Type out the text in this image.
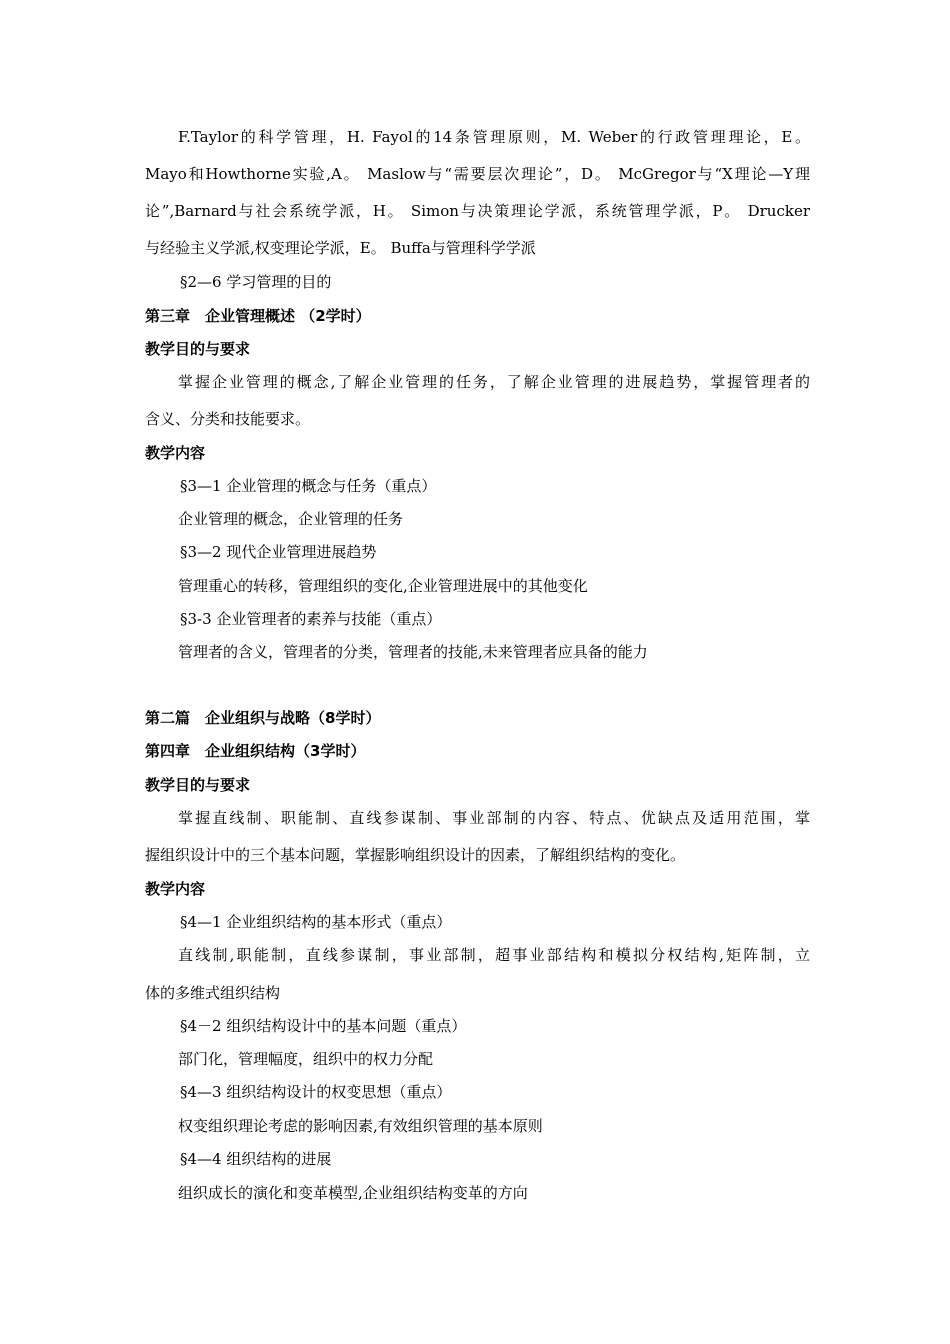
F.Taylor的科学管理，H. Fayol的14条管理原则，M. Weber的行政管理理论，E。
Mayo和Howthorne实验,A。 Maslow与“需要层次理论”，D。 McGregor与“X理论—Y理
论”,Barnard与社会系统学派，H。 Simon与决策理论学派，系统管理学派，P。 Drucker
与经验主义学派,权变理论学派，E。 Buffa与管理科学学派
§2—6 学习管理的目的
第三章　企业管理概述 （2学时）
教学目的与要求
掌握企业管理的概念,了解企业管理的任务，了解企业管理的进展趋势，掌握管理者的
含义、分类和技能要求。
教学内容
§3—1 企业管理的概念与任务（重点）
企业管理的概念，企业管理的任务
§3—2 现代企业管理进展趋势
管理重心的转移，管理组织的变化,企业管理进展中的其他变化
§3-3 企业管理者的素养与技能（重点）
管理者的含义，管理者的分类，管理者的技能,未来管理者应具备的能力
第二篇　企业组织与战略（8学时）
第四章　企业组织结构（3学时）
教学目的与要求
掌握直线制、职能制、直线参谋制、事业部制的内容、特点、优缺点及适用范围，掌
握组织设计中的三个基本问题，掌握影响组织设计的因素，了解组织结构的变化。
教学内容
§4—1 企业组织结构的基本形式（重点）
直线制,职能制，直线参谋制，事业部制，超事业部结构和模拟分权结构,矩阵制，立
体的多维式组织结构
§4－2 组织结构设计中的基本问题（重点）
部门化，管理幅度，组织中的权力分配
§4—3 组织结构设计的权变思想（重点）
权变组织理论考虑的影响因素,有效组织管理的基本原则
§4—4 组织结构的进展
组织成长的演化和变革模型,企业组织结构变革的方向
